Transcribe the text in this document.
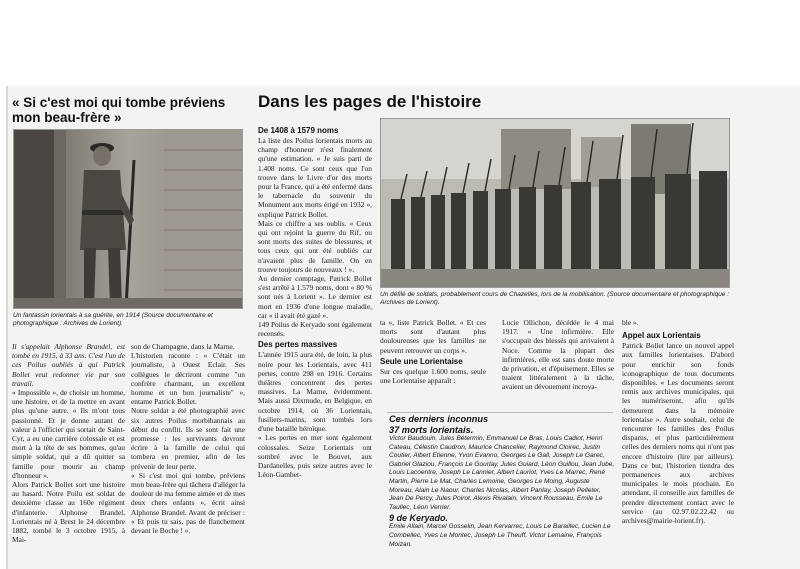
« Si c'est moi qui tombe préviens mon beau-frère »
Dans les pages de l'histoire
Un fantassin lorientais à sa guérite, en 1914 (Source documentaire et photographique : Archives de Lorient).
Un défilé de soldats, probablement cours de Chazelles, lors de la mobilisation. (Source documentaire et photographique : Archives de Lorient).

Il s'appelait Alphonse Brandel, est tombé en 1915, à 33 ans. C'est l'un de ces Poilus oubliés à qui Patrick Bollet veut redonner vie par son travail.

« Impossible », de choisir un homme, une histoire, et de la mettre en avant plus qu'une autre. « Ils m'ont tous passionné. Et je donne autant de valeur à l'officier qui sortait de Saint-Cyr, a eu une carrière colossale et est mort à la tête de ses hommes, qu'au simple soldat, qui a dû quitter sa famille pour mourir au champ d'honneur ».

Alors Patrick Bollet sort une histoire au hasard. Notre Poilu est soldat de deuxième classe au 160e régiment d'infanterie. Alphonse Brandel, Lorientais né à Brest le 24 décembre 1882, tombé le 3 octobre 1915, à Mai-

son de Champagne, dans la Marne.

L'historien raconte : « C'était un journaliste, à Ouest Eclair. Ses collègues le décriront comme "un confrère charmant, un excellent homme et un bon journaliste" », entame Patrick Bollet.

Notre soldat a été photographié avec six autres Poilus morbihannais au début du conflit. Ils se sont fait une promesse : les survivants devront écrire à la famille de celui qui tombera en premier, afin de les prévenir de leur perte.

« Si c'est moi qui tombe, préviens mon beau-frère qui tâchera d'alléger la douleur de ma femme aimée et de mes deux chers enfants », écrit ainsi Alphonse Brandel. Avant de préciser : « Et puis tu sais, pas de flanchement devant le Boche ! ».

De 1408 à 1579 noms

La liste des Poilus lorientais morts au champ d'honneur n'est finalement qu'une estimation. « Je suis parti de 1.408 noms. Ce sont ceux que l'on trouve dans le Livre d'or des morts pour la France, qui a été enfermé dans le tabernacle du souvenir du Monument aux morts érigé en 1932 », explique Patrick Bollet.

Mais ce chiffre a ses oublis. « Ceux qui ont rejoint la guerre du Rif, ou sont morts des suites de blessures, et tous ceux qui ont été oubliés car n'avaient plus de famille. On en trouve toujours de nouveaux ! ».

Au dernier comptage, Patrick Bollet s'est arrêté à 1.579 noms, dont « 80 % sont nés à Lorient ». Le dernier est mort en 1936 d'une longue maladie, car « il avait été gazé ».

149 Poilus de Keryado sont également recensés.

Des pertes massives

L'année 1915 aura été, de loin, la plus noire pour les Lorientais, avec 411 pertes, contre 298 en 1916. Certains théâtres concentrent des pertes massives. La Marne, évidemment. Mais aussi Dixmude, en Belgique, en octobre 1914, où 36 Lorientais, fusiliers-marins, sont tombés lors d'une bataille héroïque.

« Les pertes en mer sont également colossales. Seize Lorientais ont sombré avec le Bouvet, aux Dardanelles, puis seize autres avec le Léon-Gambet-

ta », liste Patrick Bollet. « Et ces morts sont d'autant plus douloureuses que les familles ne peuvent retrouver un corps ».

Seule une Lorientaise

Sur ces quelque 1.600 noms, seule une Lorientaise apparaît :

Lucie Ollichon, décédée le 4 mai 1917. « Une infirmière. Elle s'occupait des blessés qui arrivaient à Noce. Comme la plupart des infirmières, elle est sans doute morte de privation, et d'épuisement. Elles se tuaient littéralement à la tâche, avaient un dévouement incroya-

Ces derniers inconnus
37 morts lorientais.
Victor Baudouin, Jules Bétermin, Emmanuel Le Bras, Louis Cadiot, Henri Cateau, Célestin Caudron, Maurice Chancelier, Raymond Cloirec, Justin Coutier, Albert Etienne, Yvon Evanno, Georges Le Gall, Joseph Le Garec, Gabriel Glaziou, François Le Gourlay, Jules Guiard, Léon Guillou, Jean Jube, Louis Lacoentre, Joseph Le Lannier, Albert Lauriot, Yves Le Marrec, René Martin, Pierre Le Mat, Charles Lemoine, Georges Le Moing, Auguste Moreau, Alain Le Naour, Charles Nicolas, Albert Panlay, Joseph Pelleter, Jean De Percy, Jules Poirot, Alexis Rivalain, Vincent Rousseau, Emile Le Taullec, Léon Verrier.
9 de Keryado.
Emile Allain, Marcel Gosselin, Jean Kervarrec, Louis Le Baraillec, Lucien Le Combellec, Yves Le Montec, Joseph Le Theuff, Victor Lemaine, François Moizan.

ble ».

Appel aux Lorientais

Patrick Bollet lance un nouvel appel aux familles lorientaises. D'abord pour enrichir son fonds iconographique de tous documents disponibles. « Les documents seront remis aux archives municipales, qui les numériseront, afin qu'ils demeurent dans la mémoire lorientaise ». Autre souhait, celui de rencontrer les familles des Poilus disparus, et plus particulièrement celles des derniers noms qui n'ont pas encore d'histoire (lire par ailleurs). Dans ce but, l'historien tiendra des permanences aux archives municipales le mois prochain. En attendant, il conseille aux familles de prendre directement contact avec le service (au 02.97.02.22.42 ou archives@mairie-lorient.fr).
